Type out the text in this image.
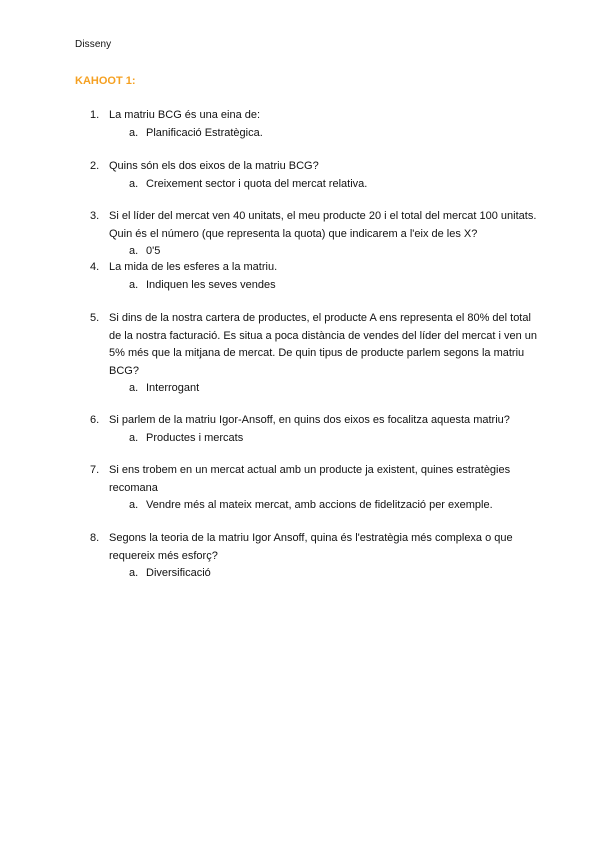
Disseny
KAHOOT 1:
1. La matriu BCG és una eina de:
a. Planificació Estratègica.
2. Quins són els dos eixos de la matriu BCG?
a. Creixement sector i quota del mercat relativa.
3. Si el líder del mercat ven 40 unitats, el meu producte 20 i el total del mercat 100 unitats. Quin és el número (que representa la quota) que indicarem a l'eix de les X?
a. 0'5
4. La mida de les esferes a la matriu.
a. Indiquen les seves vendes
5. Si dins de la nostra cartera de productes, el producte A ens representa el 80% del total de la nostra facturació. Es situa a poca distància de vendes del líder del mercat i ven un 5% més que la mitjana de mercat. De quin tipus de producte parlem segons la matriu BCG?
a. Interrogant
6. Si parlem de la matriu Igor-Ansoff, en quins dos eixos es focalitza aquesta matriu?
a. Productes i mercats
7. Si ens trobem en un mercat actual amb un producte ja existent, quines estratègies recomana
a. Vendre més al mateix mercat, amb accions de fidelització per exemple.
8. Segons la teoria de la matriu Igor Ansoff, quina és l'estratègia més complexa o que requereix més esforç?
a. Diversificació
